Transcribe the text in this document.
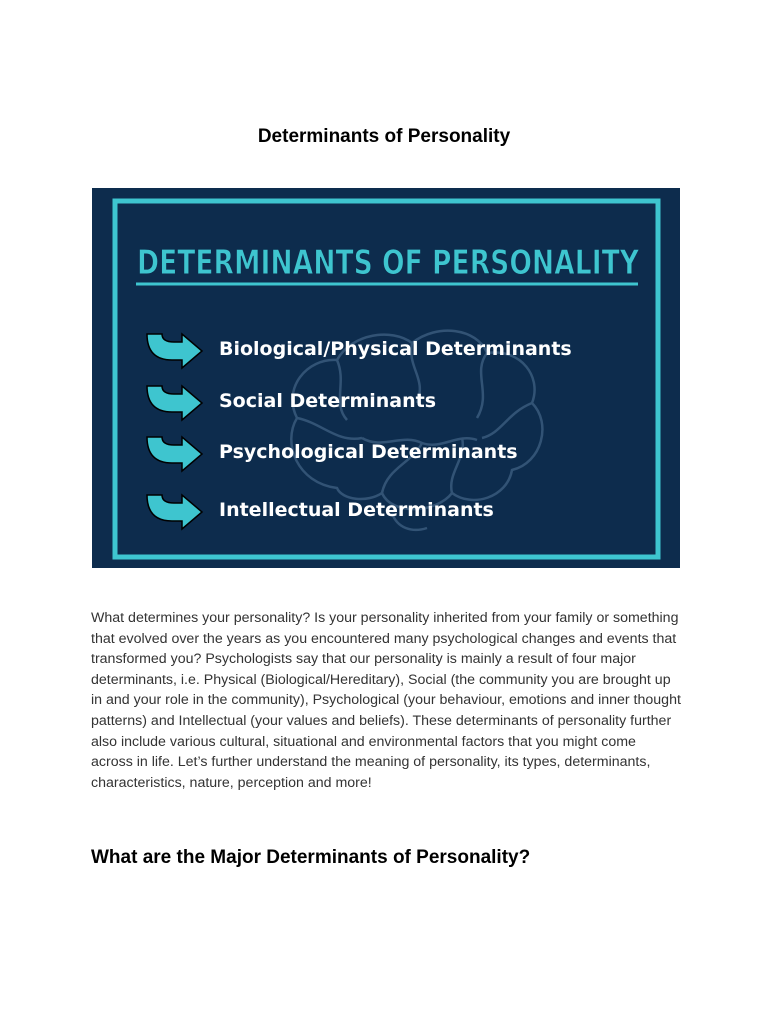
Determinants of Personality
DETERMINANTS OF PERSONALITY
Biological/Physical Determinants
Social Determinants
Psychological Determinants
Intellectual Determinants

What determines your personality? Is your personality inherited from your family or something that evolved over the years as you encountered many psychological changes and events that transformed you? Psychologists say that our personality is mainly a result of four major determinants, i.e. Physical (Biological/Hereditary), Social (the community you are brought up in and your role in the community), Psychological (your behaviour, emotions and inner thought patterns) and Intellectual (your values and beliefs). These determinants of personality further also include various cultural, situational and environmental factors that you might come across in life. Let’s further understand the meaning of personality, its types, determinants, characteristics, nature, perception and more!

What are the Major Determinants of Personality?
